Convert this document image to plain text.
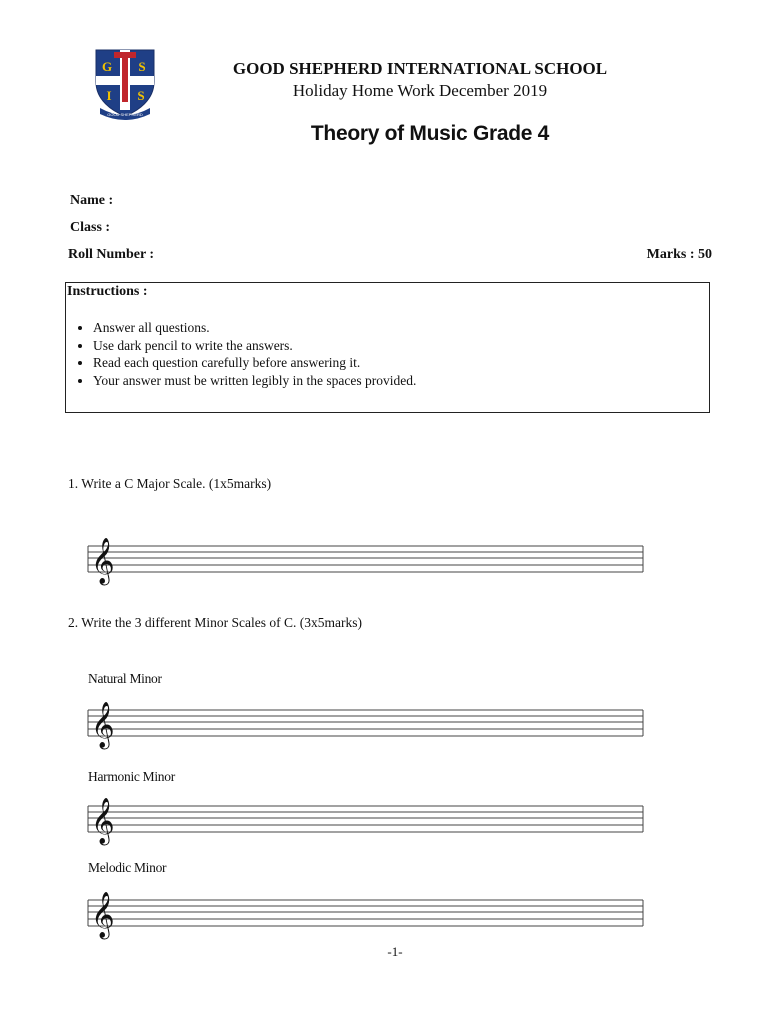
G S
I S
GOOD SHEPHERD
GOOD SHEPHERD INTERNATIONAL SCHOOL
Holiday Home Work December 2019
Theory of Music Grade 4
Name :
Class :
Roll Number :	Marks : 50
Instructions :
• Answer all questions.
• Use dark pencil to write the answers.
• Read each question carefully before answering it.
• Your answer must be written legibly in the spaces provided.
1. Write a C Major Scale. (1x5marks)
𝄞
2. Write the 3 different Minor Scales of C. (3x5marks)
Natural Minor
𝄞
Harmonic Minor
𝄞
Melodic Minor
𝄞
-1-
